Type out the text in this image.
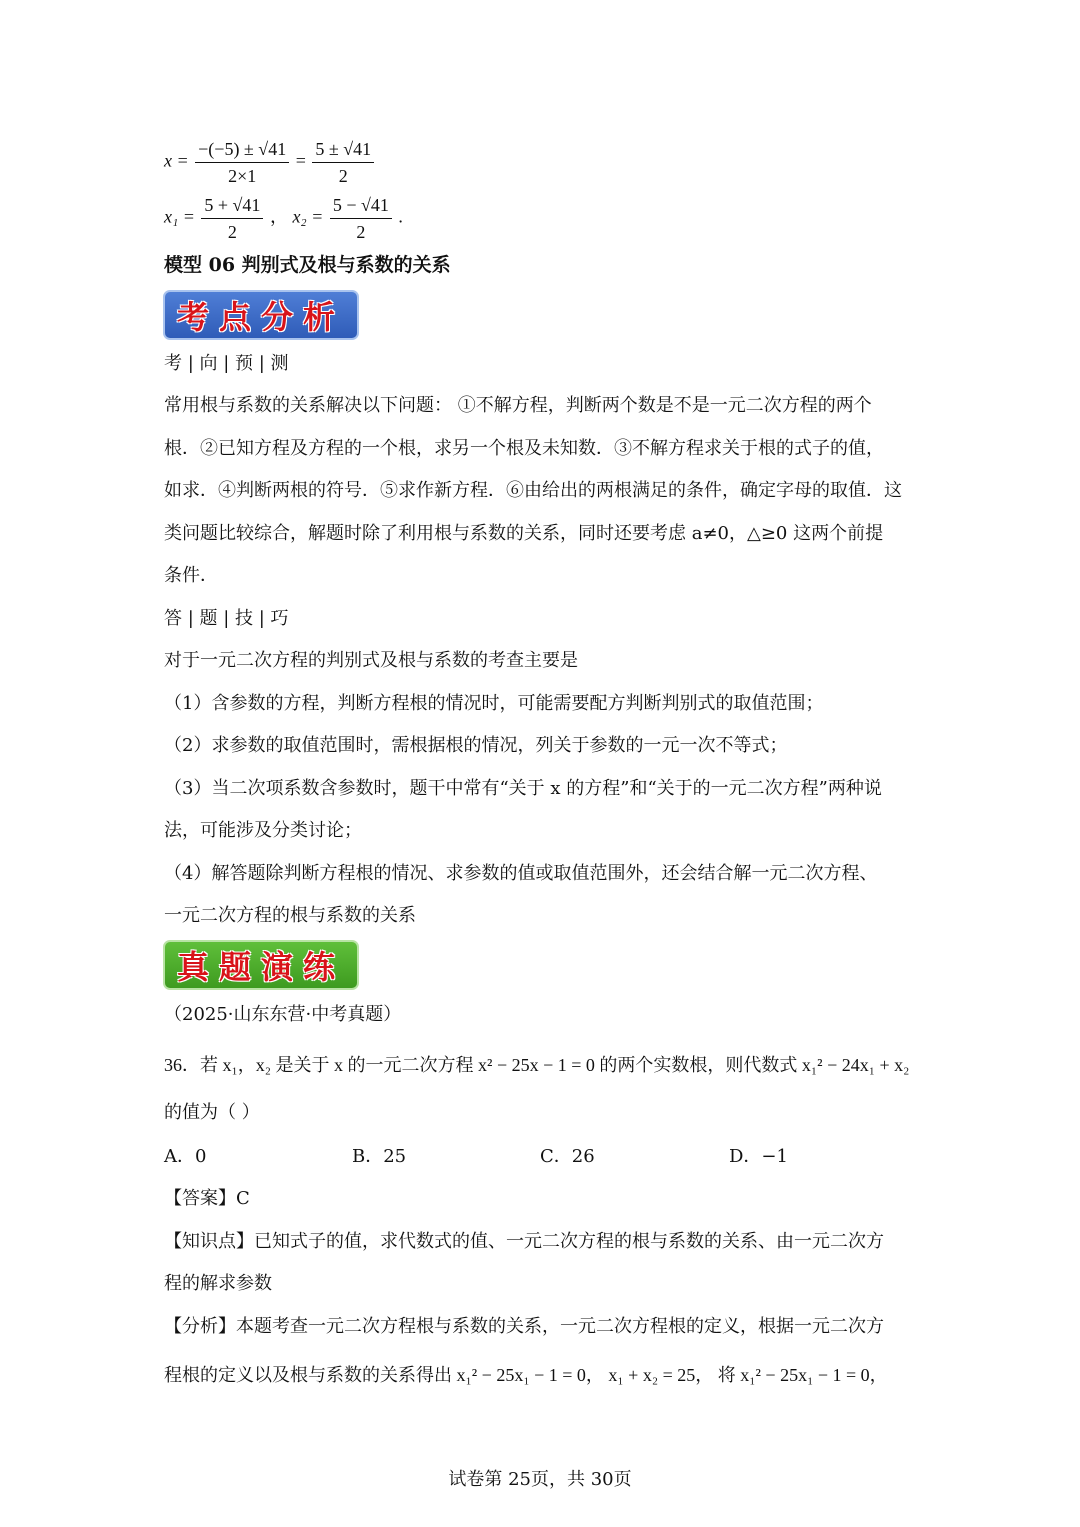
$x = \frac{-(-5) \pm √41}{2\times 1} = \frac{5 \pm √41}{2}$
$x_1 = \frac{5 + √41}{2}$ ， $x_2 = \frac{5 - √41}{2}$ .
模型 06 判别式及根与系数的关系
考点分析
考 | 向 | 预 | 测
常用根与系数的关系解决以下问题： ①不解方程，判断两个数是不是一元二次方程的两个
根．②已知方程及方程的一个根，求另一个根及未知数．③不解方程求关于根的式子的值，
如求．④判断两根的符号．⑤求作新方程．⑥由给出的两根满足的条件，确定字母的取值．这
类问题比较综合，解题时除了利用根与系数的关系，同时还要考虑 a≠0，△≥0 这两个前提
条件．
答 | 题 | 技 | 巧
对于一元二次方程的判别式及根与系数的考查主要是
（1）含参数的方程，判断方程根的情况时，可能需要配方判断判别式的取值范围；
（2）求参数的取值范围时，需根据根的情况，列关于参数的一元一次不等式；
（3）当二次项系数含参数时，题干中常有“关于 x 的方程”和“关于的一元二次方程”两种说
法，可能涉及分类讨论；
（4）解答题除判断方程根的情况、求参数的值或取值范围外，还会结合解一元二次方程、
一元二次方程的根与系数的关系
真题演练
（2025·山东东营·中考真题）
36．若 x₁，x₂ 是关于 x 的一元二次方程 x² − 25x − 1 = 0 的两个实数根，则代数式 x₁² − 24x₁ + x₂
的值为（ ）
A．0	B．25	C．26	D．−1
【答案】C
【知识点】已知式子的值，求代数式的值、一元二次方程的根与系数的关系、由一元二次方
程的解求参数
【分析】本题考查一元二次方程根与系数的关系，一元二次方程根的定义，根据一元二次方
程根的定义以及根与系数的关系得出 x₁² − 25x₁ − 1 = 0， x₁ + x₂ = 25， 将 x₁² − 25x₁ − 1 = 0，
试卷第 25页，共 30页
